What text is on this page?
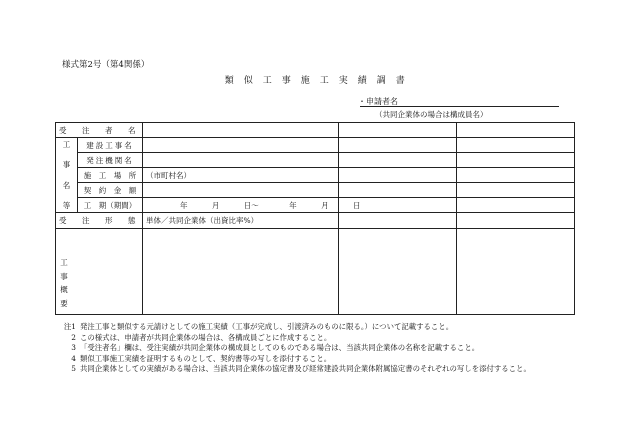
様式第2号（第4関係）
類　似　工　事　施　工　実　績　調　書
・申請者名
（共同企業体の場合は構成員名）
受　注　者　名				

工
事
名
等	建設工事名			
	発注機関名			
	施　工　場　所	（市町村名）		
	契　約　金　額			
	工　期（期間）	年 月 日～ 年 月 日		
受　注　形　態		単体／共同企業体（出資比率%）		

工
事
概
要				

注1 発注工事と類似する元請けとしての施工実績（工事が完成し、引渡済みのものに限る。）について記載すること。
2 この様式は、申請者が共同企業体の場合は、各構成員ごとに作成すること。
3 「受注者名」欄は、受注実績が共同企業体の構成員としてのものである場合は、当該共同企業体の名称を記載すること。
4 類似工事施工実績を証明するものとして、契約書等の写しを添付すること。
5 共同企業体としての実績がある場合は、当該共同企業体の協定書及び経常建設共同企業体附属協定書のそれぞれの写しを添付すること。
